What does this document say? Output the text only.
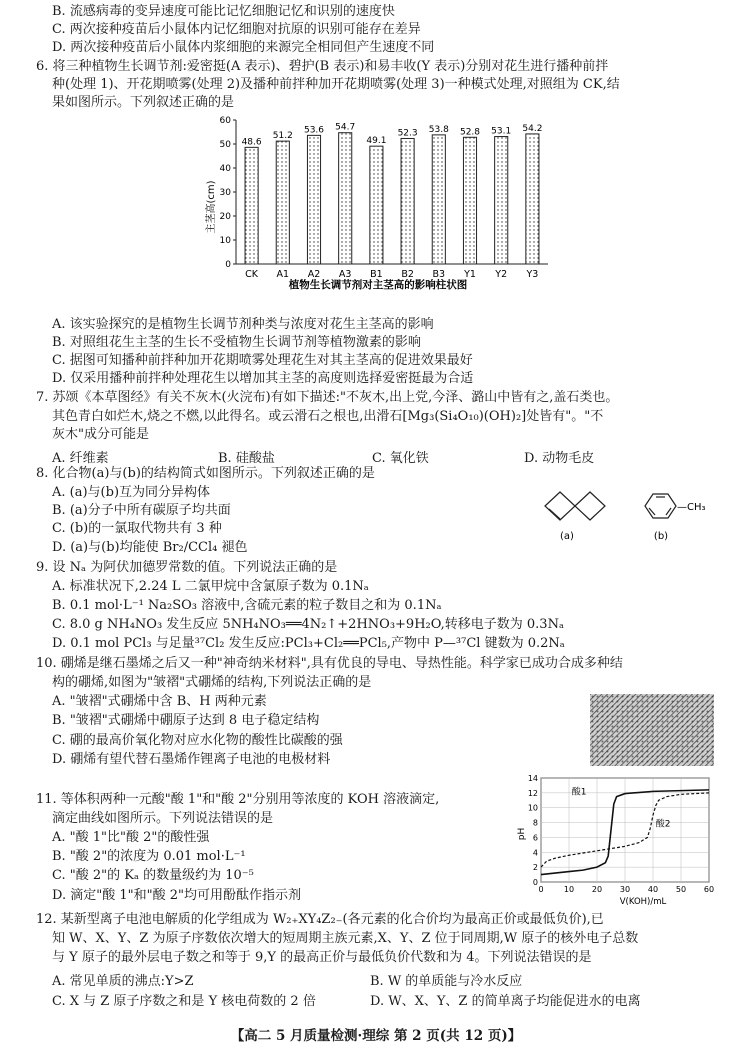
B. 流感病毒的变异速度可能比记忆细胞记忆和识别的速度快
C. 两次接种疫苗后小鼠体内记忆细胞对抗原的识别可能存在差异
D. 两次接种疫苗后小鼠体内浆细胞的来源完全相同但产生速度不同
6. 将三种植物生长调节剂:爱密挺(A 表示)、碧护(B 表示)和易丰收(Y 表示)分别对花生进行播种前拌
种(处理 1)、开花期喷雾(处理 2)及播种前拌种加开花期喷雾(处理 3)一种模式处理,对照组为 CK,结
果如图所示。下列叙述正确的是
主茎高(cm)
0
10
20
30
40
50
60
48.6
CK
51.2
A1
53.6
A2
54.7
A3
49.1
B1
52.3
B2
53.8
B3
52.8
Y1
53.1
Y2
54.2
Y3
植物生长调节剂对主茎高的影响柱状图
A. 该实验探究的是植物生长调节剂种类与浓度对花生主茎高的影响
B. 对照组花生主茎的生长不受植物生长调节剂等植物激素的影响
C. 据图可知播种前拌种加开花期喷雾处理花生对其主茎高的促进效果最好
D. 仅采用播种前拌种处理花生以增加其主茎的高度则选择爱密挺最为合适
7. 苏颂《本草图经》有关不灰木(火浣布)有如下描述:"不灰木,出上党,今泽、潞山中皆有之,盖石类也。
其色青白如烂木,烧之不燃,以此得名。或云滑石之根也,出滑石[Mg₃(Si₄O₁₀)(OH)₂]处皆有"。"不
灰木"成分可能是
A. 纤维素	B. 硅酸盐	C. 氧化铁	D. 动物毛皮
8. 化合物(a)与(b)的结构简式如图所示。下列叙述正确的是
A. (a)与(b)互为同分异构体
B. (a)分子中所有碳原子均共面
C. (b)的一氯取代物共有 3 种
D. (a)与(b)均能使 Br₂/CCl₄ 褪色
(a)
—CH₃
(b)
9. 设 Nₐ 为阿伏加德罗常数的值。下列说法正确的是
A. 标准状况下,2.24 L 二氯甲烷中含氯原子数为 0.1Nₐ
B. 0.1 mol·L⁻¹ Na₂SO₃ 溶液中,含硫元素的粒子数目之和为 0.1Nₐ
C. 8.0 g NH₄NO₃ 发生反应 5NH₄NO₃══4N₂↑+2HNO₃+9H₂O,转移电子数为 0.3Nₐ
D. 0.1 mol PCl₃ 与足量³⁷Cl₂ 发生反应:PCl₃+Cl₂══PCl₅,产物中 P—³⁷Cl 键数为 0.2Nₐ
10. 硼烯是继石墨烯之后又一种"神奇纳米材料",具有优良的导电、导热性能。科学家已成功合成多种结
构的硼烯,如图为"皱褶"式硼烯的结构,下列说法正确的是
A. "皱褶"式硼烯中含 B、H 两种元素
B. "皱褶"式硼烯中硼原子达到 8 电子稳定结构
C. 硼的最高价氧化物对应水化物的酸性比碳酸的强
D. 硼烯有望代替石墨烯作锂离子电池的电极材料
11. 等体积两种一元酸"酸 1"和"酸 2"分别用等浓度的 KOH 溶液滴定,
滴定曲线如图所示。下列说法错误的是
A. "酸 1"比"酸 2"的酸性强
B. "酸 2"的浓度为 0.01 mol·L⁻¹
C. "酸 2"的 Kₐ 的数量级约为 10⁻⁵
D. 滴定"酸 1"和"酸 2"均可用酚酞作指示剂
pH
0
2
4
6
8
10
12
14
0	10 20 30 40 50 60
酸1
酸2
V(KOH)/mL
12. 某新型离子电池电解质的化学组成为 W₂₊XY₄Z₂₋(各元素的化合价均为最高正价或最低负价),已
知 W、X、Y、Z 为原子序数依次增大的短周期主族元素,X、Y、Z 位于同周期,W 原子的核外电子总数
与 Y 原子的最外层电子数之和等于 9,Y 的最高正价与最低负价代数和为 4。下列说法错误的是
A. 常见单质的沸点:Y>Z	B. W 的单质能与冷水反应
C. X 与 Z 原子序数之和是 Y 核电荷数的 2 倍	D. W、X、Y、Z 的简单离子均能促进水的电离
【高二 5 月质量检测·理综 第 2 页(共 12 页)】
